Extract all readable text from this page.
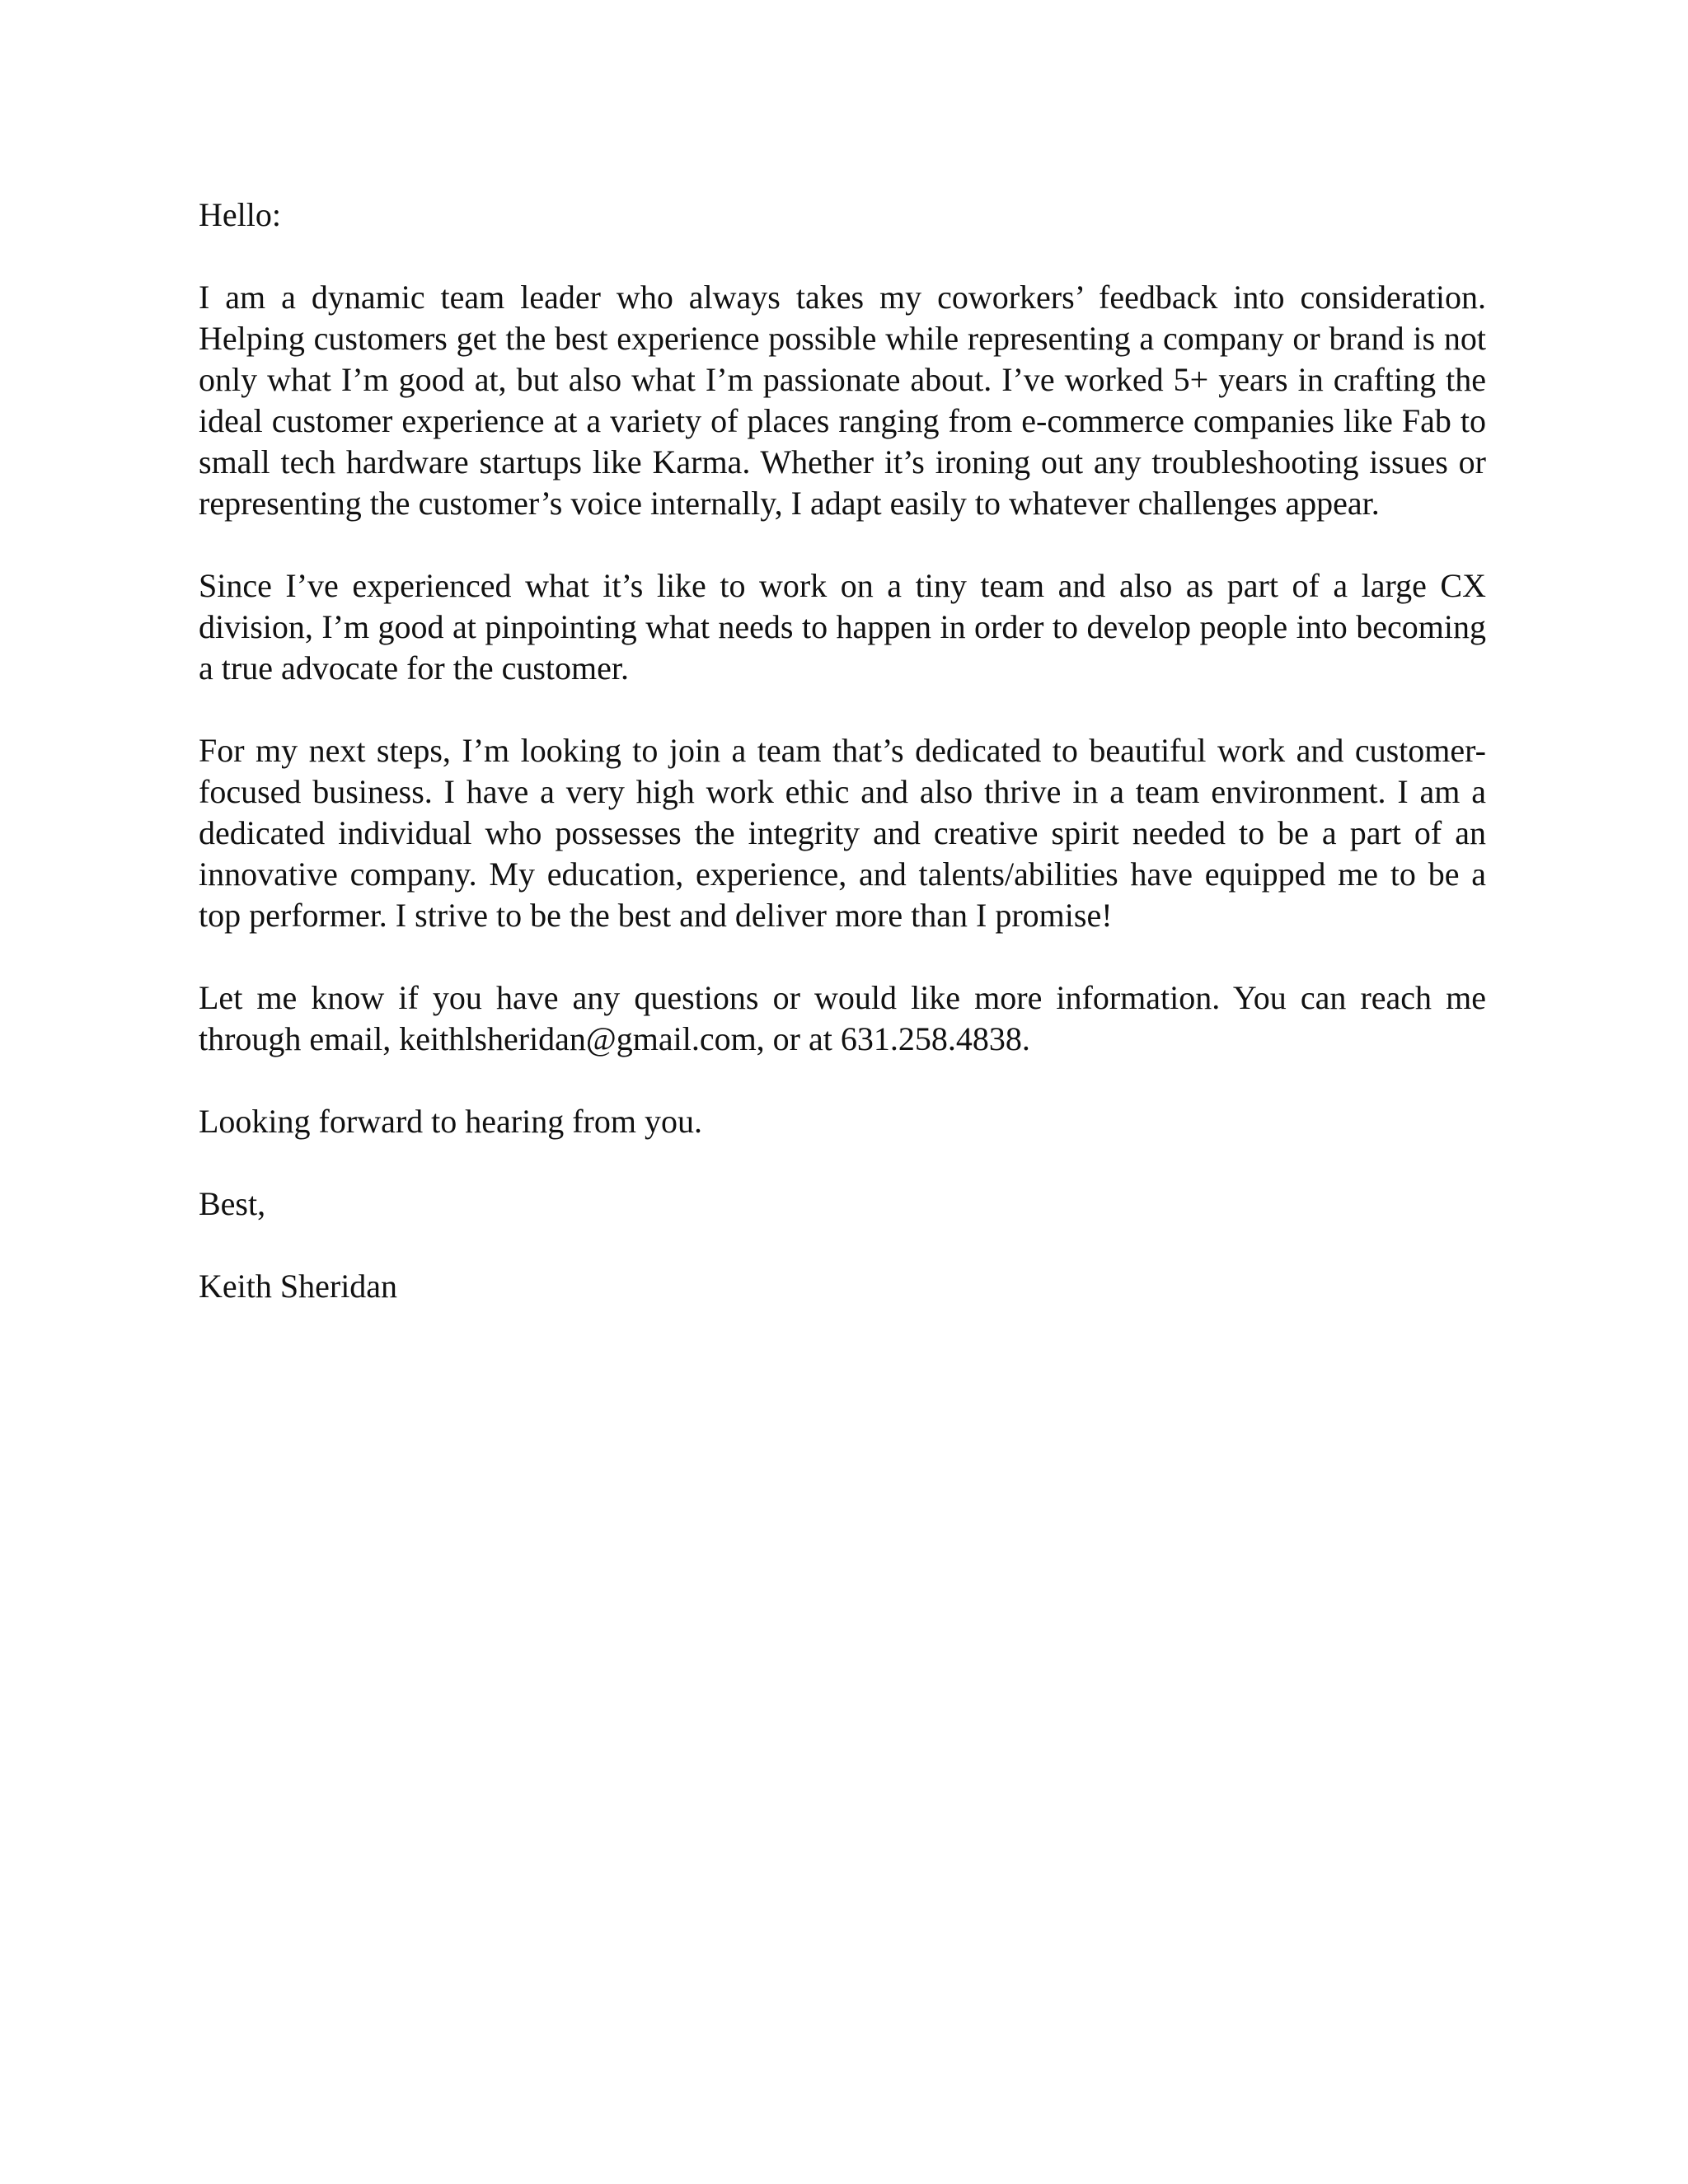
Hello:

I am a dynamic team leader who always takes my coworkers’ feedback into consideration. Helping customers get the best experience possible while representing a company or brand is not only what I’m good at, but also what I’m passionate about. I’ve worked 5+ years in crafting the ideal customer experience at a variety of places ranging from e-commerce companies like Fab to small tech hardware startups like Karma. Whether it’s ironing out any troubleshooting issues or representing the customer’s voice internally, I adapt easily to whatever challenges appear.

Since I’ve experienced what it’s like to work on a tiny team and also as part of a large CX division, I’m good at pinpointing what needs to happen in order to develop people into becoming a true advocate for the customer.

For my next steps, I’m looking to join a team that’s dedicated to beautiful work and customer-focused business. I have a very high work ethic and also thrive in a team environment. I am a dedicated individual who possesses the integrity and creative spirit needed to be a part of an innovative company. My education, experience, and talents/abilities have equipped me to be a top performer. I strive to be the best and deliver more than I promise!

Let me know if you have any questions or would like more information. You can reach me through email, keithlsheridan@gmail.com, or at 631.258.4838.

Looking forward to hearing from you.

Best,

Keith Sheridan
